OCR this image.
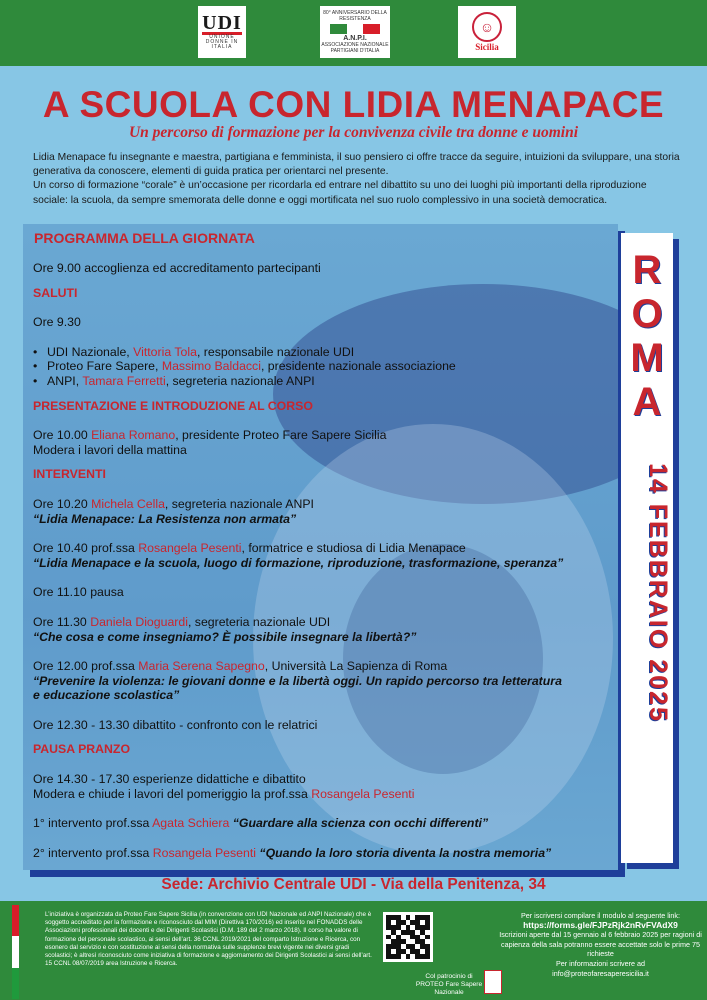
UDI
UNIONE DONNE IN ITALIA
80° ANNIVERSARIO DELLA RESISTENZA
A.N.P.I.
ASSOCIAZIONE NAZIONALE PARTIGIANI D'ITALIA
☺
Sicilia
A SCUOLA CON LIDIA MENAPACE
Un percorso di formazione per la convivenza civile tra donne e uomini

Lidia Menapace fu insegnante e maestra, partigiana e femminista, il suo pensiero ci offre tracce da seguire, intuizioni da sviluppare, una storia generativa da conoscere, elementi di guida pratica per orientarci nel presente.

Un corso di formazione “corale” è un’occasione per ricordarla ed entrare nel dibattito su uno dei luoghi più importanti della riproduzione sociale: la scuola, da sempre smemorata delle donne e oggi mortificata nel suo ruolo complessivo in una società democratica.

PROGRAMMA DELLA GIORNATA
Ore 9.00 accoglienza ed accreditamento partecipanti
SALUTI
Ore 9.30
• UDI Nazionale, Vittoria Tola, responsabile nazionale UDI
• Proteo Fare Sapere, Massimo Baldacci, presidente nazionale associazione
• ANPI, Tamara Ferretti, segreteria nazionale ANPI
PRESENTAZIONE E INTRODUZIONE AL CORSO
Ore 10.00 Eliana Romano, presidente Proteo Fare Sapere Sicilia
Modera i lavori della mattina
INTERVENTI
Ore 10.20 Michela Cella, segreteria nazionale ANPI
“Lidia Menapace: La Resistenza non armata”
Ore 10.40 prof.ssa Rosangela Pesenti, formatrice e studiosa di Lidia Menapace
“Lidia Menapace e la scuola, luogo di formazione, riproduzione, trasformazione, speranza”
Ore 11.10 pausa
Ore 11.30 Daniela Dioguardi, segreteria nazionale UDI
“Che cosa e come insegniamo? È possibile insegnare la libertà?”
Ore 12.00 prof.ssa Maria Serena Sapegno, Università La Sapienza di Roma
“Prevenire la violenza: le giovani donne e la libertà oggi. Un rapido percorso tra letteratura
e educazione scolastica”
Ore 12.30 - 13.30 dibattito - confronto con le relatrici
PAUSA PRANZO
Ore 14.30 - 17.30 esperienze didattiche e dibattito
Modera e chiude i lavori del pomeriggio la prof.ssa Rosangela Pesenti
1° intervento prof.ssa Agata Schiera “Guardare alla scienza con occhi differenti”
2° intervento prof.ssa Rosangela Pesenti “Quando la loro storia diventa la nostra memoria”
R
O
M
A
14 FEBBRAIO 2025
Sede: Archivio Centrale UDI - Via della Penitenza, 34
L’iniziativa è organizzata da Proteo Fare Sapere Sicilia (in convenzione con UDI Nazionale ed ANPI Nazionale) che è soggetto accreditato per la formazione e riconosciuto dal MIM (Direttiva 170/2016) ed inserito nel FONADDS delle Associazioni professionali dei docenti e dei Dirigenti Scolastici (D.M. 189 del 2 marzo 2018). Il corso ha valore di formazione del personale scolastico, ai sensi dell’art. 36 CCNL 2019/2021 del comparto Istruzione e Ricerca, con esonero dal servizio e con sostituzione ai sensi della normativa sulle supplenze brevi vigente nei diversi gradi scolastici; è altresì riconosciuto come iniziativa di formazione e aggiornamento dei Dirigenti Scolastici ai sensi dell’art. 15 CCNL 08/07/2019 area Istruzione e Ricerca.
Col patrocinio di
PROTEO Fare Sapere Nazionale
Per iscriversi compilare il modulo al seguente link:
https://forms.gle/FJPzRjk2nRvFVAdX9
Iscrizioni aperte dal 15 gennaio al 6 febbraio 2025 per ragioni di capienza della sala potranno essere accettate solo le prime 75 richieste
Per informazioni scrivere ad
info@proteofaresaperesicilia.it
